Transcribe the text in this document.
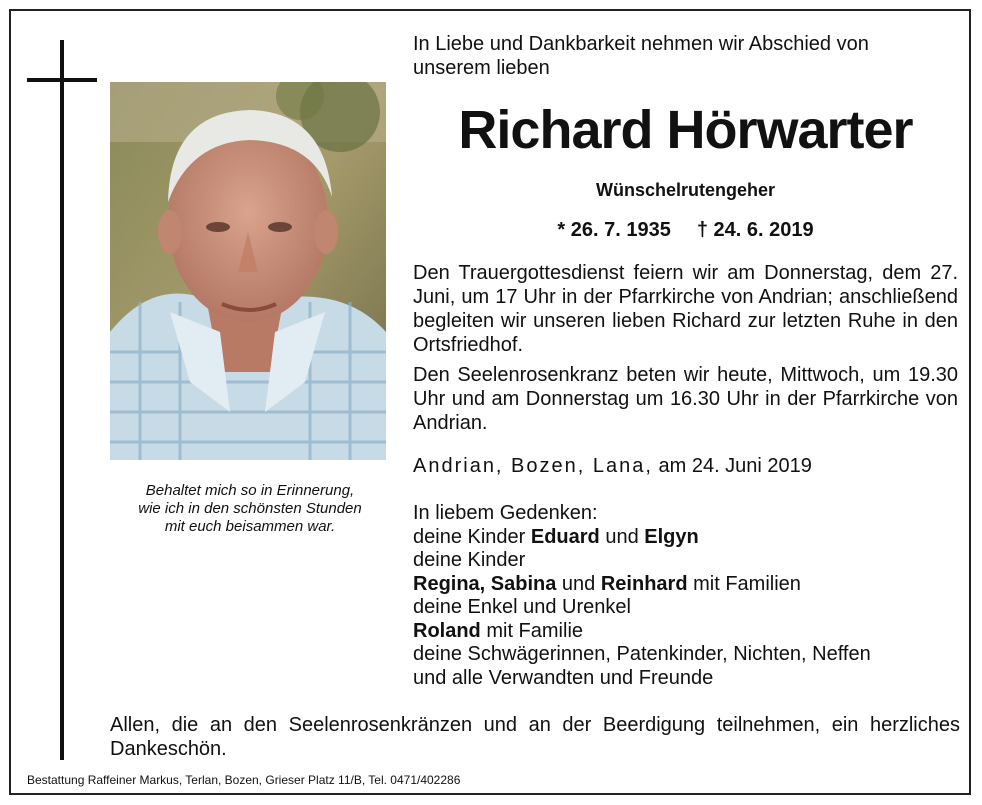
Behaltet mich so in Erinnerung,
wie ich in den schönsten Stunden
mit euch beisammen war.
In Liebe und Dankbarkeit nehmen wir Abschied von
unserem lieben
Richard Hörwarter
Wünschelrutengeher
* 26. 7. 1935 † 24. 6. 2019
Den Trauergottesdienst feiern wir am Donnerstag, dem 27. Juni, um 17 Uhr in der Pfarrkirche von Andrian; anschließend begleiten wir unseren lieben Richard zur letzten Ruhe in den Ortsfriedhof.
Den Seelenrosenkranz beten wir heute, Mittwoch, um 19.30 Uhr und am Donnerstag um 16.30 Uhr in der Pfarrkirche von Andrian.
Andrian, Bozen, Lana, am 24. Juni 2019
In liebem Gedenken:
deine Kinder Eduard und Elgyn
deine Kinder
Regina, Sabina und Reinhard mit Familien
deine Enkel und Urenkel
Roland mit Familie
deine Schwägerinnen, Patenkinder, Nichten, Neffen
und alle Verwandten und Freunde
Allen, die an den Seelenrosenkränzen und an der Beerdigung teilnehmen, ein herzliches Dankeschön.
Bestattung Raffeiner Markus, Terlan, Bozen, Grieser Platz 11/B, Tel. 0471/402286
